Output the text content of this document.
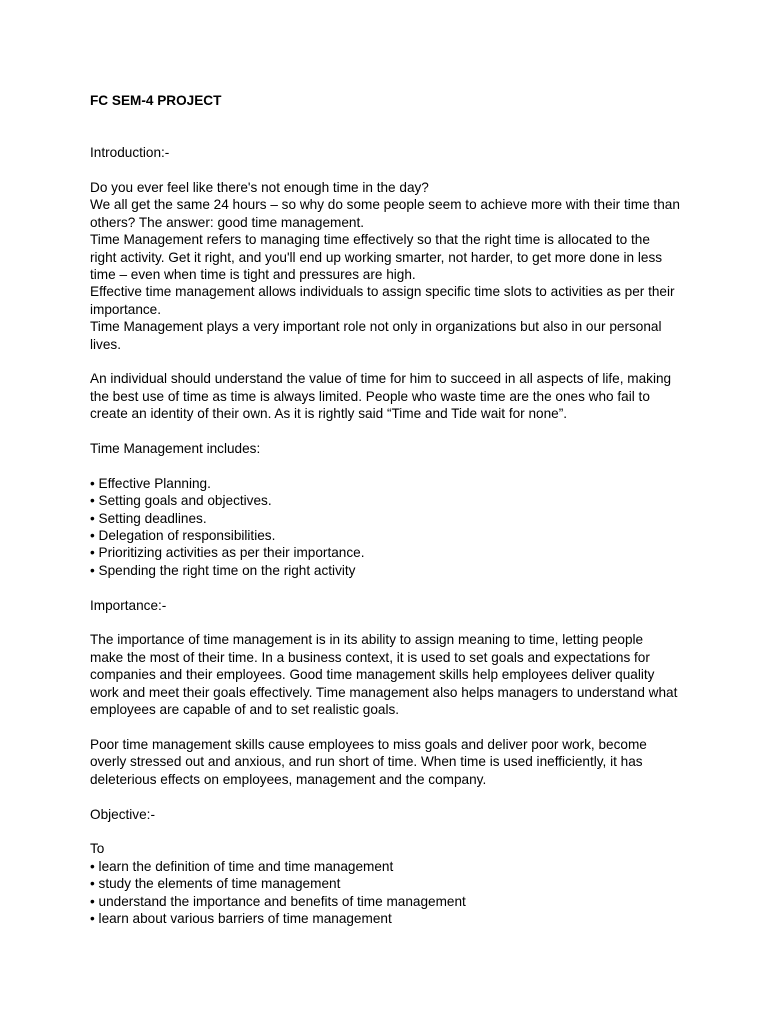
FC SEM-4 PROJECT

Introduction:-

Do you ever feel like there's not enough time in the day?

We all get the same 24 hours – so why do some people seem to achieve more with their time than others? The answer: good time management.

Time Management refers to managing time effectively so that the right time is allocated to the right activity. Get it right, and you'll end up working smarter, not harder, to get more done in less time – even when time is tight and pressures are high.

Effective time management allows individuals to assign specific time slots to activities as per their importance.

Time Management plays a very important role not only in organizations but also in our personal lives.

An individual should understand the value of time for him to succeed in all aspects of life, making the best use of time as time is always limited. People who waste time are the ones who fail to create an identity of their own. As it is rightly said “Time and Tide wait for none”.

Time Management includes:

• Effective Planning.
• Setting goals and objectives.
• Setting deadlines.
• Delegation of responsibilities.
• Prioritizing activities as per their importance.
• Spending the right time on the right activity

Importance:-

The importance of time management is in its ability to assign meaning to time, letting people make the most of their time. In a business context, it is used to set goals and expectations for companies and their employees. Good time management skills help employees deliver quality work and meet their goals effectively. Time management also helps managers to understand what employees are capable of and to set realistic goals.

Poor time management skills cause employees to miss goals and deliver poor work, become overly stressed out and anxious, and run short of time. When time is used inefficiently, it has deleterious effects on employees, management and the company.

Objective:-

To

• learn the definition of time and time management
• study the elements of time management
• understand the importance and benefits of time management
• learn about various barriers of time management
